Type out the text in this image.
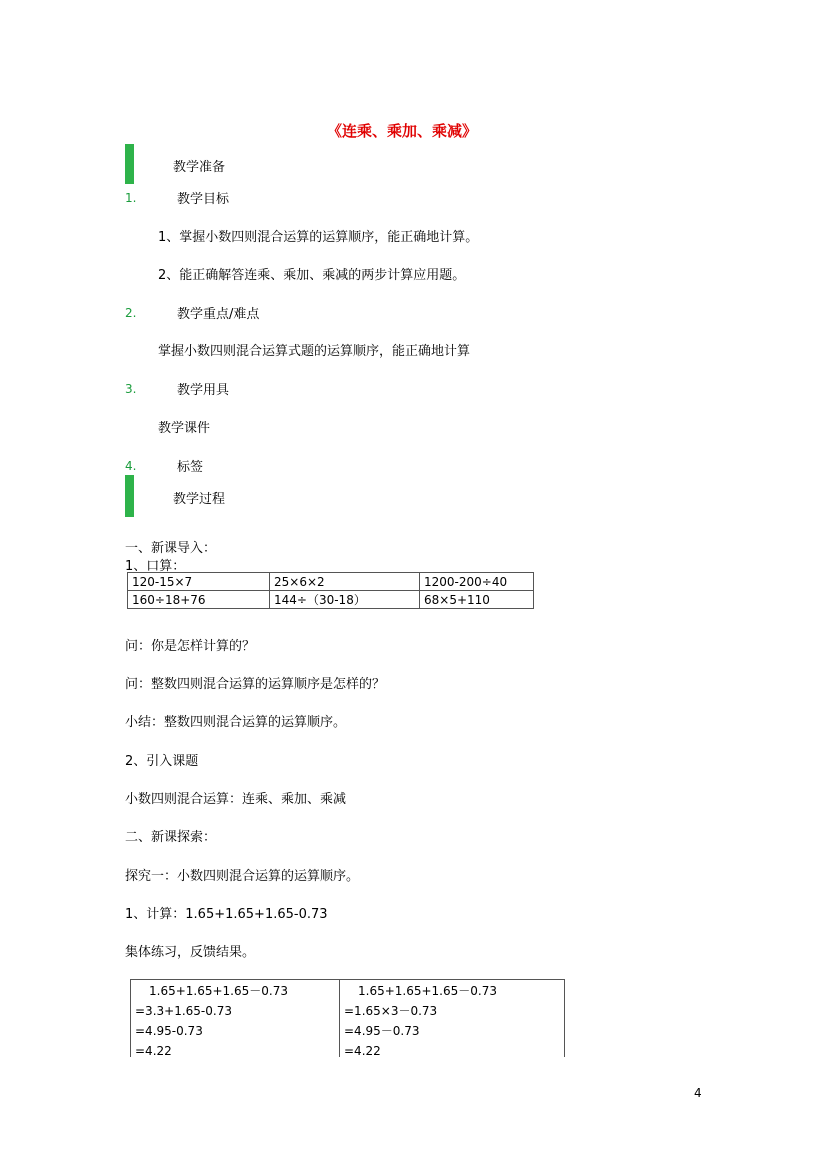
《连乘、乘加、乘减》
教学准备
1.	教学目标
1、掌握小数四则混合运算的运算顺序，能正确地计算。
2、能正确解答连乘、乘加、乘减的两步计算应用题。
2.	教学重点/难点
掌握小数四则混合运算式题的运算顺序，能正确地计算
3.	教学用具
教学课件
4.	标签
教学过程
一、新课导入：
1、口算：
120-15×7	25×6×2	1200-200÷40
160÷18+76	144÷（30-18）	68×5+110
问：你是怎样计算的？
问：整数四则混合运算的运算顺序是怎样的？
小结：整数四则混合运算的运算顺序。
2、引入课题
小数四则混合运算：连乘、乘加、乘减
二、新课探索：
探究一：小数四则混合运算的运算顺序。
1、计算：1.65+1.65+1.65-0.73
集体练习，反馈结果。
1.65+1.65+1.65－0.73
=3.3+1.65-0.73
=4.95-0.73
=4.22

1.65+1.65+1.65－0.73
=1.65×3－0.73
=4.95－0.73
=4.22
4
